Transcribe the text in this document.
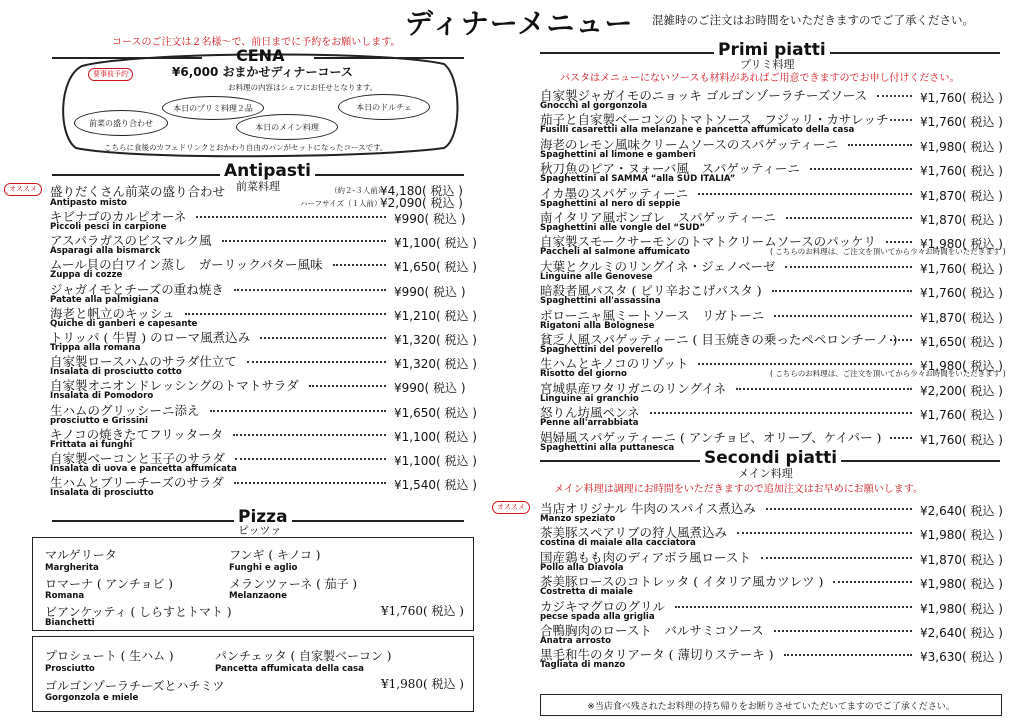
ディナーメニュー 混雑時のご注文はお時間をいただきますのでご了承ください。
コースのご注文は２名様～で、前日までに予約をお願いします。
CENA
¥6,000 おまかせディナーコース
要事前予約
お料理の内容はシェフにお任せとなります。
本日のプリミ料理２品	本日のドルチェ
前菜の盛り合わせ	本日のメイン料理
こちらに食後のカフェドリンクとおかわり自由のパンがセットになったコースです。
Antipasti
前菜料理
オススメ	盛りだくさん前菜の盛り合わせ
Antipasto misto
（約２-３人前）
¥4,180( 税込 )
ハーフサイズ（１人前）
¥2,090( 税込 )
キビナゴのカルピオーネ
Piccoli pesci in carpione
¥990( 税込 )
アスパラガスのビスマルク風
Asparagi alla bismarck
¥1,100( 税込 )
ムール貝の白ワイン蒸し　ガーリックバター風味
Zuppa di cozze
¥1,650( 税込 )
ジャガイモとチーズの重ね焼き
Patate alla palmigiana
¥990( 税込 )
海老と帆立のキッシュ
Quiche di ganberi e capesante
¥1,210( 税込 )
トリッパ ( 牛胃 ) のローマ風煮込み
Trippa alla romana
¥1,320( 税込 )
自家製ロースハムのサラダ仕立て
Insalata di prosciutto cotto
¥1,320( 税込 )
自家製オニオンドレッシングのトマトサラダ
Insalata di Pomodoro
¥990( 税込 )
生ハムのグリッシーニ添え
prosciutto e Grissini
¥1,650( 税込 )
キノコの焼きたてフリッタータ
Frittata ai funghi
¥1,100( 税込 )
自家製ベーコンと玉子のサラダ
Insalata di uova e pancetta affumicata
¥1,100( 税込 )
生ハムとブリーチーズのサラダ
Insalata di prosciutto
¥1,540( 税込 )
Pizza
ピッツァ
マルゲリータ
Margherita
フンギ ( キノコ )
Funghi e aglio
ロマーナ ( アンチョビ )
Romana
メランツァーネ ( 茄子 )
Melanzaone
ビアンケッティ ( しらすとトマト )
Bianchetti
¥1,760( 税込 )
プロシュート ( 生ハム )
Prosciutto
パンチェッタ ( 自家製ベーコン )
Pancetta affumicata della casa
ゴルゴンゾーラチーズとハチミツ
Gorgonzola e miele
¥1,980( 税込 )
Primi piatti
プリミ料理
パスタはメニューにないソースも材料があればご用意できますのでお申し付けください。
自家製ジャガイモのニョッキ ゴルゴンゾーラチーズソース
Gnocchi al gorgonzola
¥1,760( 税込 )
茄子と自家製ベーコンのトマトソース　フジッリ・カサレッチ
Fusilli casarettii alla melanzane e pancetta affumicato della casa
¥1,760( 税込 )
海老のレモン風味クリームソースのスパゲッティーニ
Spaghettini al limone e gamberi
¥1,980( 税込 )
秋刀魚のピア・ヌォーバ風　スパゲッティーニ
Spaghettini al SAMMA “alla SUD ITALIA”
¥1,760( 税込 )
イカ墨のスパゲッティーニ
Spaghettini al nero di seppie
¥1,870( 税込 )
南イタリア風ボンゴレ　スパゲッティーニ
Spaghettini alle vongle del “SUD”
¥1,870( 税込 )
自家製スモークサーモンのトマトクリームソースのパッケリ
Paccheli al salmone affumicato	( こちらのお料理は、ご注文を頂いてから少々お時間をいただきます )
¥1,980( 税込 )
大葉とクルミのリングイネ・ジェノベーゼ
Linguine alle Genovese
¥1,760( 税込 )
暗殺者風パスタ ( ピリ辛おこげパスタ )
Spaghettini all'assassina
¥1,760( 税込 )
ボローニャ風ミートソース　リガトーニ
Rigatoni alla Bolognese
¥1,870( 税込 )
貧乏人風スパゲッティーニ ( 目玉焼きの乗ったペペロンチーノ )
Spaghettini del poverello
¥1,650( 税込 )
生ハムとキノコのリゾット
Risotto del giorno	( こちらのお料理は、ご注文を頂いてから少々お時間をいただきます )
¥1,980( 税込 )
宮城県産ワタリガニのリングイネ
Linguine ai granchio
¥2,200( 税込 )
怒りん坊風ペンネ
Penne all'arrabbiata
¥1,760( 税込 )
娼婦風スパゲッティーニ ( アンチョビ、オリーブ、ケイパー )
Spaghettini alla puttanesca
¥1,760( 税込 )
Secondi piatti
メイン料理
メイン料理は調理にお時間をいただきますので追加注文はお早めにお願いします。
オススメ	当店オリジナル 牛肉のスパイス煮込み
Manzo speziato
¥2,640( 税込 )
茶美豚スペアリブの狩人風煮込み
costina di maiale alla cacciatora
¥1,980( 税込 )
国産鶏もも肉のディアボラ風ロースト
Pollo alla Diavola
¥1,870( 税込 )
茶美豚ロースのコトレッタ ( イタリア風カツレツ )
Costretta di maiale
¥1,980( 税込 )
カジキマグロのグリル
pecse spada alla griglia
¥1,980( 税込 )
合鴨胸肉のロースト　バルサミコソース
Anatra arrosto
¥2,640( 税込 )
黒毛和牛のタリアータ ( 薄切りステーキ )
Tagliata di manzo
¥3,630( 税込 )
※当店食べ残されたお料理の持ち帰りをお断りさせていただいてますのでご了承ください。
